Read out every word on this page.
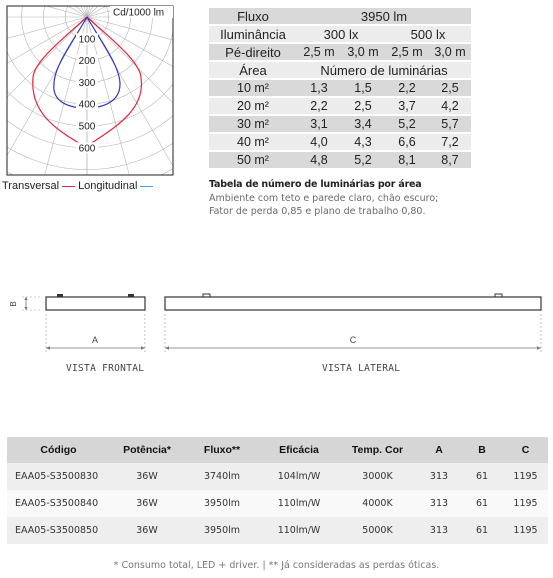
Cd/1000 lm
100
200
300
400
500
600
Transversal Longitudinal
Fluxo	3950 lm			
Iluminância	300 lx		500 lx	
Pé-direito	2,5 m	3,0 m	2,5 m	3,0 m
Área	Número de luminárias			
10 m²	1,3	1,5	2,2	2,5
20 m²	2,2	2,5	3,7	4,2
30 m²	3,1	3,4	5,2	5,7
40 m²	4,0	4,3	6,6	7,2
50 m²	4,8	5,2	8,1	8,7
Tabela de número de luminárias por área
Ambiente com teto e parede claro, chão escuro;
Fator de perda 0,85 e plano de trabalho 0,80.
B
A	C
VISTA FRONTAL	VISTA LATERAL
Código	Potência*	Fluxo**	Eficácia	Temp. Cor	A	B	C
EAA05-S3500830	36W	3740lm	104lm/W	3000K	313	61	1195
EAA05-S3500840	36W	3950lm	110lm/W	4000K	313	61	1195
EAA05-S3500850	36W	3950lm	110lm/W	5000K	313	61	1195
* Consumo total, LED + driver. | ** Já consideradas as perdas óticas.
